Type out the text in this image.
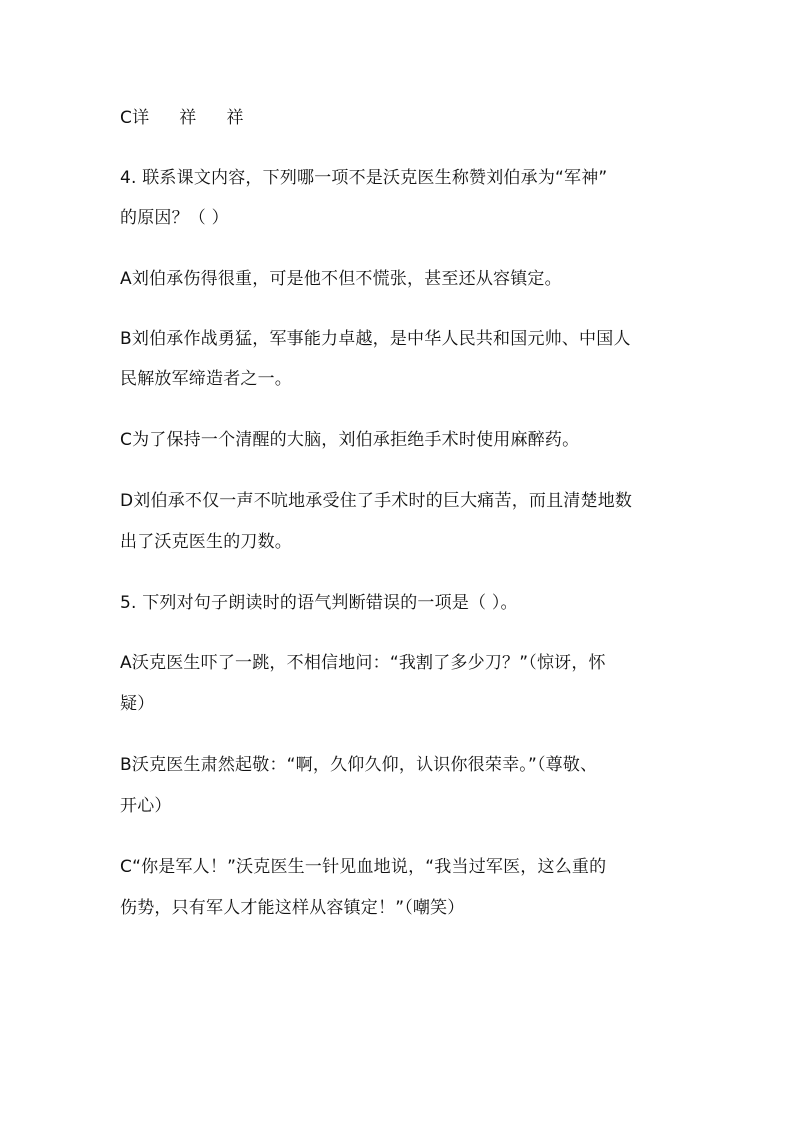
C详 祥 祥
4. 联系课文内容，下列哪一项不是沃克医生称赞刘伯承为“军神”
的原因？（ ）
A刘伯承伤得很重，可是他不但不慌张，甚至还从容镇定。
B刘伯承作战勇猛，军事能力卓越，是中华人民共和国元帅、中国人
民解放军缔造者之一。
C为了保持一个清醒的大脑，刘伯承拒绝手术时使用麻醉药。
D刘伯承不仅一声不吭地承受住了手术时的巨大痛苦，而且清楚地数
出了沃克医生的刀数。
5. 下列对句子朗读时的语气判断错误的一项是（ ）。
A沃克医生吓了一跳，不相信地问：“我割了多少刀？”（惊讶，怀
疑）
B沃克医生肃然起敬：“啊，久仰久仰，认识你很荣幸。”（尊敬、
开心）
C“你是军人！”沃克医生一针见血地说，“我当过军医，这么重的
伤势，只有军人才能这样从容镇定！”（嘲笑）
